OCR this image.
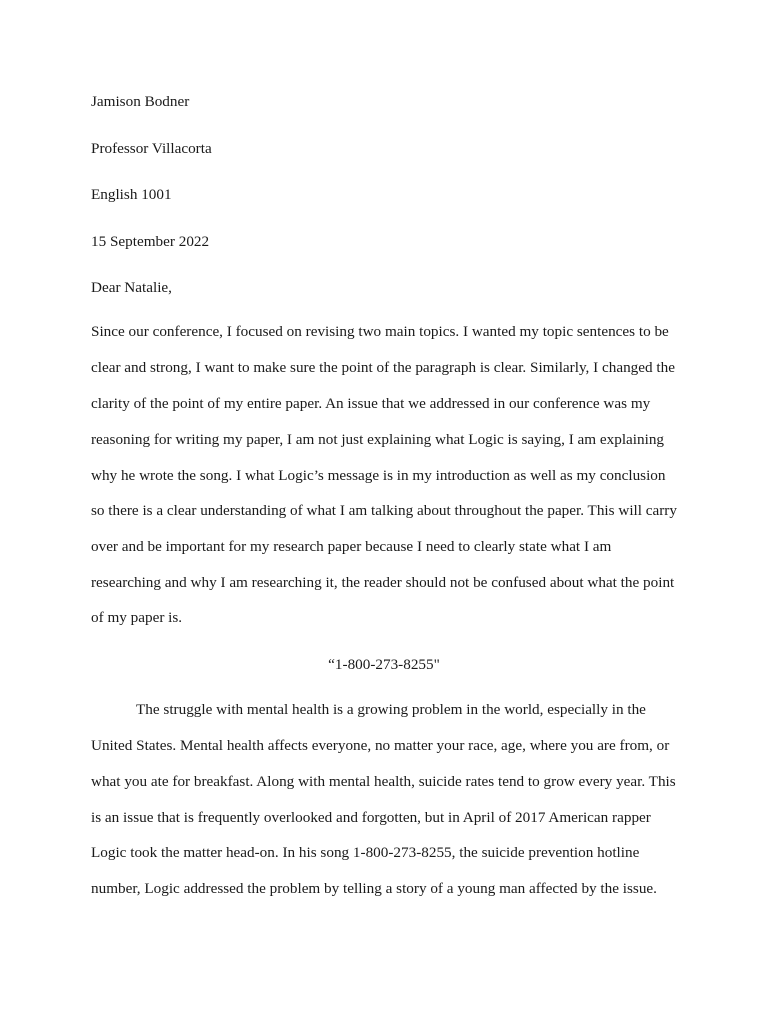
Jamison Bodner
Professor Villacorta
English 1001
15 September 2022
Dear Natalie,
Since our conference, I focused on revising two main topics. I wanted my topic sentences to be
clear and strong, I want to make sure the point of the paragraph is clear. Similarly, I changed the
clarity of the point of my entire paper. An issue that we addressed in our conference was my
reasoning for writing my paper, I am not just explaining what Logic is saying, I am explaining
why he wrote the song. I what Logic’s message is in my introduction as well as my conclusion
so there is a clear understanding of what I am talking about throughout the paper. This will carry
over and be important for my research paper because I need to clearly state what I am
researching and why I am researching it, the reader should not be confused about what the point
of my paper is.
“1-800-273-8255"
The struggle with mental health is a growing problem in the world, especially in the
United States. Mental health affects everyone, no matter your race, age, where you are from, or
what you ate for breakfast. Along with mental health, suicide rates tend to grow every year. This
is an issue that is frequently overlooked and forgotten, but in April of 2017 American rapper
Logic took the matter head-on. In his song 1-800-273-8255, the suicide prevention hotline
number, Logic addressed the problem by telling a story of a young man affected by the issue.
